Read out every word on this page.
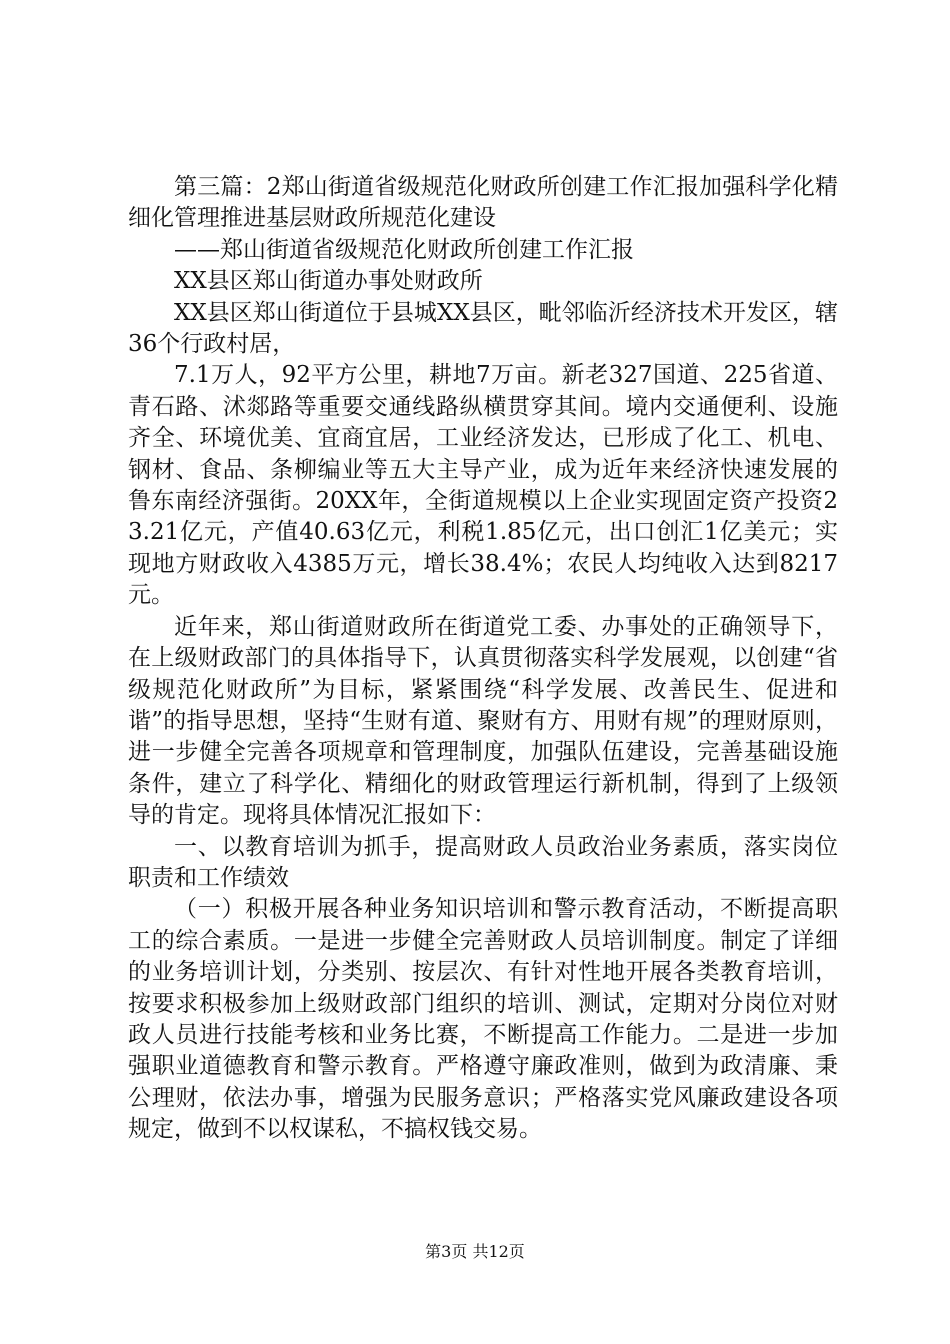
第三篇：2郑山街道省级规范化财政所创建工作汇报加强科学化精细化管理推进基层财政所规范化建设

——郑山街道省级规范化财政所创建工作汇报

XX县区郑山街道办事处财政所

XX县区郑山街道位于县城XX县区，毗邻临沂经济技术开发区，辖36个行政村居，

7.1万人，92平方公里，耕地7万亩。新老327国道、225省道、青石路、沭郯路等重要交通线路纵横贯穿其间。境内交通便利、设施齐全、环境优美、宜商宜居，工业经济发达，已形成了化工、机电、钢材、食品、条柳编业等五大主导产业，成为近年来经济快速发展的鲁东南经济强街。20XX年，全街道规模以上企业实现固定资产投资23.21亿元，产值40.63亿元，利税1.85亿元，出口创汇1亿美元；实现地方财政收入4385万元，增长38.4%；农民人均纯收入达到8217元。

近年来，郑山街道财政所在街道党工委、办事处的正确领导下，在上级财政部门的具体指导下，认真贯彻落实科学发展观，以创建“省级规范化财政所”为目标，紧紧围绕“科学发展、改善民生、促进和谐”的指导思想，坚持“生财有道、聚财有方、用财有规”的理财原则，进一步健全完善各项规章和管理制度，加强队伍建设，完善基础设施条件，建立了科学化、精细化的财政管理运行新机制，得到了上级领导的肯定。现将具体情况汇报如下：

一、以教育培训为抓手，提高财政人员政治业务素质，落实岗位职责和工作绩效

（一）积极开展各种业务知识培训和警示教育活动，不断提高职工的综合素质。一是进一步健全完善财政人员培训制度。制定了详细的业务培训计划，分类别、按层次、有针对性地开展各类教育培训，按要求积极参加上级财政部门组织的培训、测试，定期对分岗位对财政人员进行技能考核和业务比赛，不断提高工作能力。二是进一步加强职业道德教育和警示教育。严格遵守廉政准则，做到为政清廉、秉公理财，依法办事，增强为民服务意识；严格落实党风廉政建设各项规定，做到不以权谋私，不搞权钱交易。

第3页 共12页
